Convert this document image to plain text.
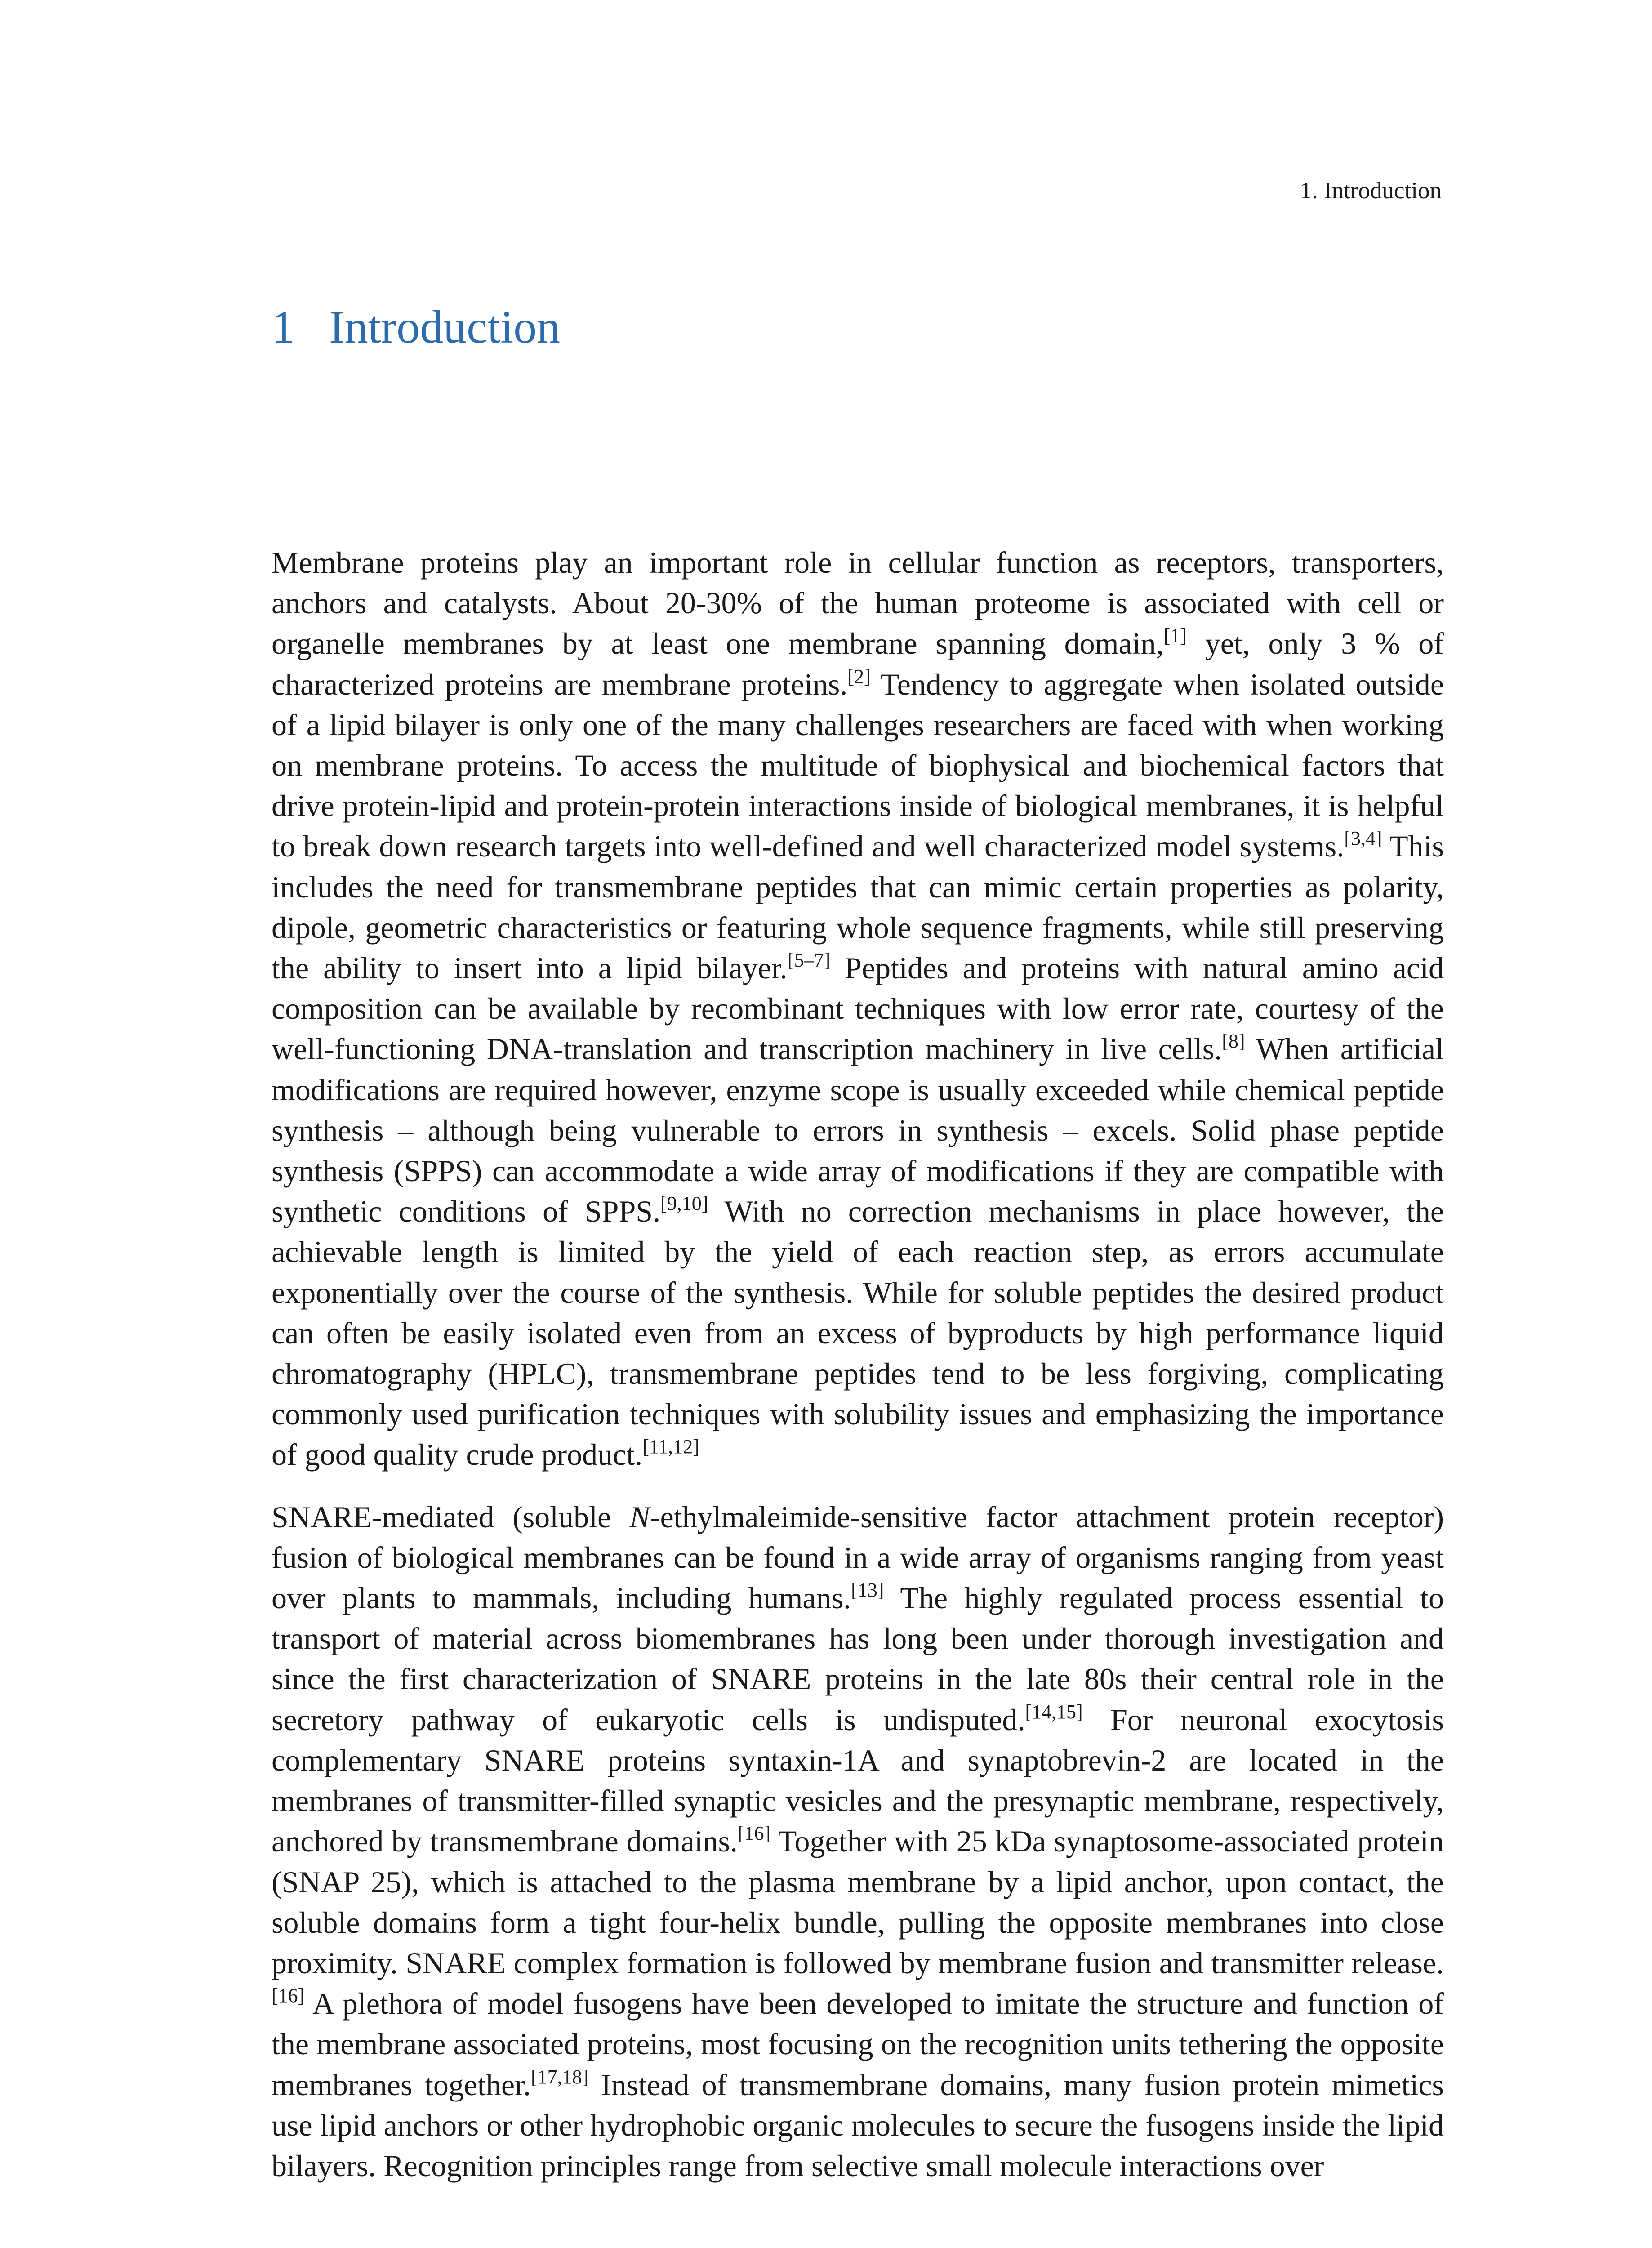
1. Introduction
1 Introduction

Membrane proteins play an important role in cellular function as receptors, transporters, anchors and catalysts. About 20-30% of the human proteome is associated with cell or organelle membranes by at least one membrane spanning domain,[1] yet, only 3 % of characterized proteins are membrane proteins.[2] Tendency to aggregate when isolated outside of a lipid bilayer is only one of the many challenges researchers are faced with when working on membrane proteins. To access the multitude of biophysical and biochemical factors that drive protein-lipid and protein-protein interactions inside of biological membranes, it is helpful to break down research targets into well-defined and well characterized model systems.[3,4] This includes the need for transmembrane peptides that can mimic certain properties as polarity, dipole, geometric characteristics or featuring whole sequence fragments, while still preserving the ability to insert into a lipid bilayer.[5–7] Peptides and proteins with natural amino acid composition can be available by recombinant techniques with low error rate, courtesy of the well-functioning DNA-translation and transcription machinery in live cells.[8] When artificial modifications are required however, enzyme scope is usually exceeded while chemical peptide synthesis – although being vulnerable to errors in synthesis – excels. Solid phase peptide synthesis (SPPS) can accommodate a wide array of modifications if they are compatible with synthetic conditions of SPPS.[9,10] With no correction mechanisms in place however, the achievable length is limited by the yield of each reaction step, as errors accumulate exponentially over the course of the synthesis. While for soluble peptides the desired product can often be easily isolated even from an excess of byproducts by high performance liquid chromatography (HPLC), transmembrane peptides tend to be less forgiving, complicating commonly used purification techniques with solubility issues and emphasizing the importance of good quality crude product.[11,12]

SNARE-mediated (soluble N-ethylmaleimide-sensitive factor attachment protein receptor) fusion of biological membranes can be found in a wide array of organisms ranging from yeast over plants to mammals, including humans.[13] The highly regulated process essential to transport of material across biomembranes has long been under thorough investigation and since the first characterization of SNARE proteins in the late 80s their central role in the secretory pathway of eukaryotic cells is undisputed.[14,15] For neuronal exocytosis complementary SNARE proteins syntaxin-1A and synaptobrevin-2 are located in the membranes of transmitter-filled synaptic vesicles and the presynaptic membrane, respectively, anchored by transmembrane domains.[16] Together with 25 kDa synaptosome-associated protein (SNAP 25), which is attached to the plasma membrane by a lipid anchor, upon contact, the soluble domains form a tight four-helix bundle, pulling the opposite membranes into close proximity. SNARE complex formation is followed by membrane fusion and transmitter release.[16] A plethora of model fusogens have been developed to imitate the structure and function of the membrane associated proteins, most focusing on the recognition units tethering the opposite membranes together.[17,18] Instead of transmembrane domains, many fusion protein mimetics use lipid anchors or other hydrophobic organic molecules to secure the fusogens inside the lipid bilayers. Recognition principles range from selective small molecule interactions over
